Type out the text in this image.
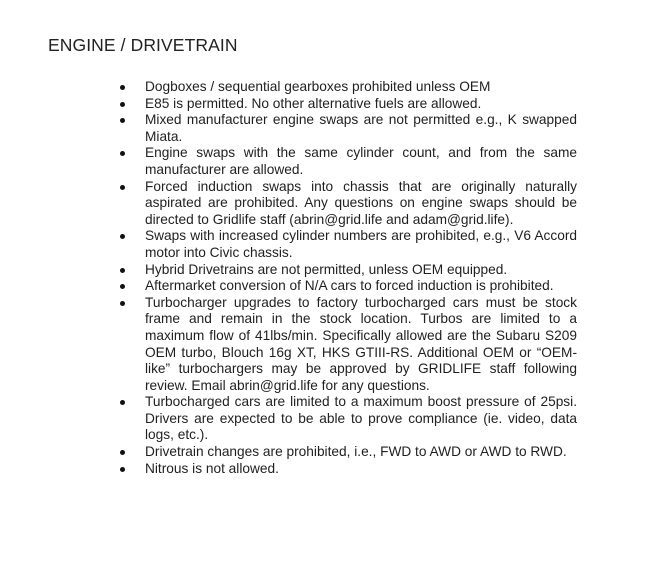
ENGINE / DRIVETRAIN
Dogboxes / sequential gearboxes prohibited unless OEM
E85 is permitted. No other alternative fuels are allowed.
Mixed manufacturer engine swaps are not permitted e.g., K swapped Miata.
Engine swaps with the same cylinder count, and from the same manufacturer are allowed.
Forced induction swaps into chassis that are originally naturally aspirated are prohibited. Any questions on engine swaps should be directed to Gridlife staff (abrin@grid.life and adam@grid.life).
Swaps with increased cylinder numbers are prohibited, e.g., V6 Accord motor into Civic chassis.
Hybrid Drivetrains are not permitted, unless OEM equipped.
Aftermarket conversion of N/A cars to forced induction is prohibited.
Turbocharger upgrades to factory turbocharged cars must be stock frame and remain in the stock location. Turbos are limited to a maximum flow of 41lbs/min. Specifically allowed are the Subaru S209 OEM turbo, Blouch 16g XT, HKS GTIII-RS. Additional OEM or “OEM-like” turbochargers may be approved by GRIDLIFE staff following review. Email abrin@grid.life for any questions.
Turbocharged cars are limited to a maximum boost pressure of 25psi. Drivers are expected to be able to prove compliance (ie. video, data logs, etc.).
Drivetrain changes are prohibited, i.e., FWD to AWD or AWD to RWD.
Nitrous is not allowed.
